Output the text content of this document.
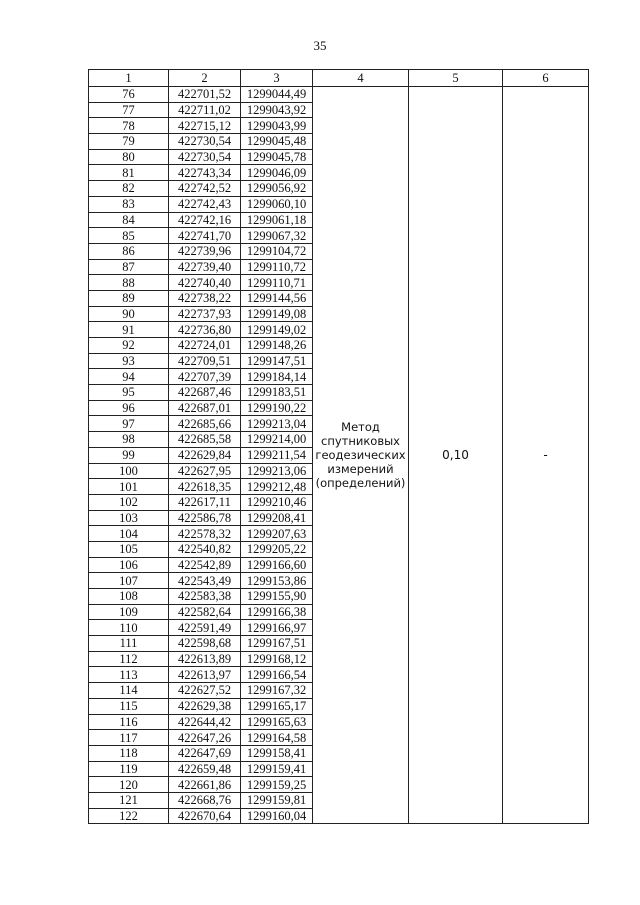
35
1	2	3	4	5	6
76	422701,52	1299044,49	Метод
спутниковых
геодезических
измерений
(определений)	0,10	-
77	422711,02	1299043,92			
78	422715,12	1299043,99			
79	422730,54	1299045,48			
80	422730,54	1299045,78			
81	422743,34	1299046,09			
82	422742,52	1299056,92			
83	422742,43	1299060,10			
84	422742,16	1299061,18			
85	422741,70	1299067,32			
86	422739,96	1299104,72			
87	422739,40	1299110,72			
88	422740,40	1299110,71			
89	422738,22	1299144,56			
90	422737,93	1299149,08			
91	422736,80	1299149,02			
92	422724,01	1299148,26			
93	422709,51	1299147,51			
94	422707,39	1299184,14			
95	422687,46	1299183,51			
96	422687,01	1299190,22			
97	422685,66	1299213,04			
98	422685,58	1299214,00			
99	422629,84	1299211,54			
100	422627,95	1299213,06			
101	422618,35	1299212,48			
102	422617,11	1299210,46			
103	422586,78	1299208,41			
104	422578,32	1299207,63			
105	422540,82	1299205,22			
106	422542,89	1299166,60			
107	422543,49	1299153,86			
108	422583,38	1299155,90			
109	422582,64	1299166,38			
110	422591,49	1299166,97			
111	422598,68	1299167,51			
112	422613,89	1299168,12			
113	422613,97	1299166,54			
114	422627,52	1299167,32			
115	422629,38	1299165,17			
116	422644,42	1299165,63			
117	422647,26	1299164,58			
118	422647,69	1299158,41			
119	422659,48	1299159,41			
120	422661,86	1299159,25			
121	422668,76	1299159,81			
122	422670,64	1299160,04			
